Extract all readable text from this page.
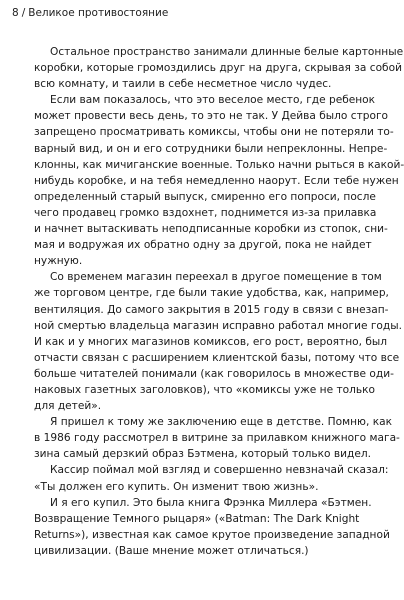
8 / Великое противостояние
Остальное пространство занимали длинные белые картонные
коробки, которые громоздились друг на друга, скрывая за собой
всю комнату, и таили в себе несметное число чудес.
Если вам показалось, что это веселое место, где ребенок
может провести весь день, то это не так. У Дейва было строго
запрещено просматривать комиксы, чтобы они не потеряли то-
варный вид, и он и его сотрудники были непреклонны. Непре-
клонны, как мичиганские военные. Только начни рыться в какой-
нибудь коробке, и на тебя немедленно наорут. Если тебе нужен
определенный старый выпуск, смиренно его попроси, после
чего продавец громко вздохнет, поднимется из-за прилавка
и начнет вытаскивать неподписанные коробки из стопок, сни-
мая и водружая их обратно одну за другой, пока не найдет
нужную.
Со временем магазин переехал в другое помещение в том
же торговом центре, где были такие удобства, как, например,
вентиляция. До самого закрытия в 2015 году в связи с внезап-
ной смертью владельца магазин исправно работал многие годы.
И как и у многих магазинов комиксов, его рост, вероятно, был
отчасти связан с расширением клиентской базы, потому что все
больше читателей понимали (как говорилось в множестве оди-
наковых газетных заголовков), что «комиксы уже не только
для детей».
Я пришел к тому же заключению еще в детстве. Помню, как
в 1986 году рассмотрел в витрине за прилавком книжного мага-
зина самый дерзкий образ Бэтмена, который только видел.
Кассир поймал мой взгляд и совершенно невзначай сказал:
«Ты должен его купить. Он изменит твою жизнь».
И я его купил. Это была книга Фрэнка Миллера «Бэтмен.
Возвращение Темного рыцаря» («Batman: The Dark Knight
Returns»), известная как самое крутое произведение западной
цивилизации. (Ваше мнение может отличаться.)
